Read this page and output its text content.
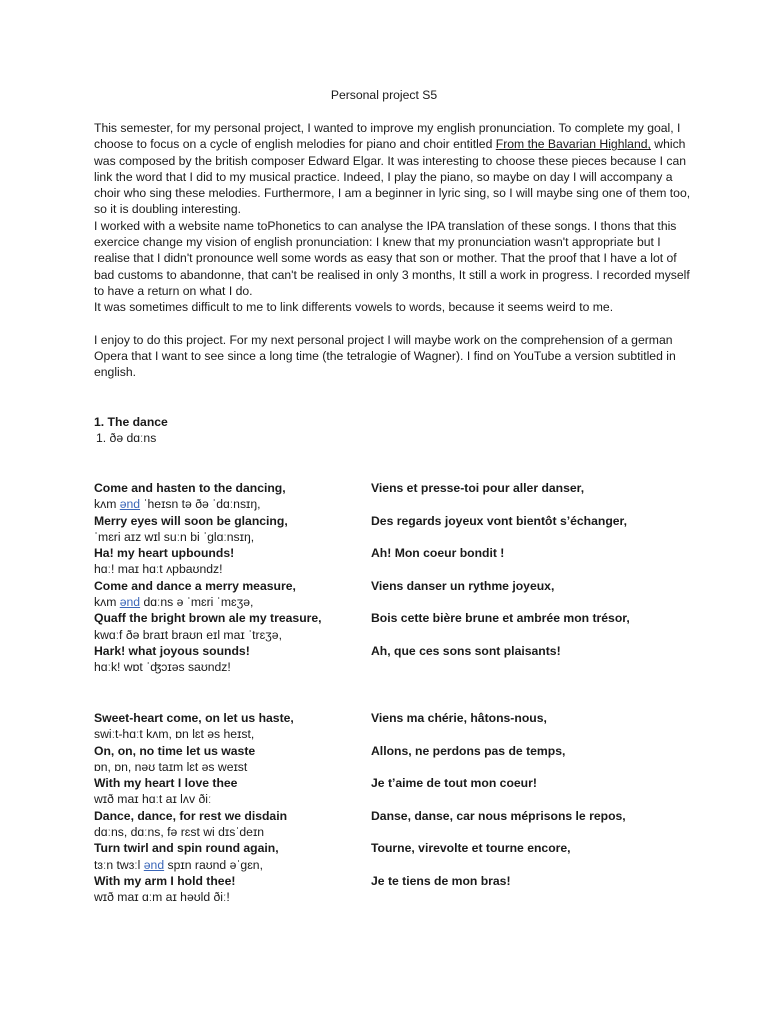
Personal project S5

This semester, for my personal project, I wanted to improve my english pronunciation. To complete my goal, I choose to focus on a cycle of english melodies for piano and choir entitled From the Bavarian Highland, which was composed by the british composer Edward Elgar. It was interesting to choose these pieces because I can link the word that I did to my musical practice. Indeed, I play the piano, so maybe on day I will accompany a choir who sing these melodies. Furthermore, I am a beginner in lyric sing, so I will maybe sing one of them too, so it is doubling interesting.

I worked with a website name toPhonetics to can analyse the IPA translation of these songs. I thons that this exercice change my vision of english pronunciation: I knew that my pronunciation wasn't appropriate but I realise that I didn't pronounce well some words as easy that son or mother. That the proof that I have a lot of bad customs to abandonne, that can't be realised in only 3 months, It still a work in progress. I recorded myself to have a return on what I do.

It was sometimes difficult to me to link differents vowels to words, because it seems weird to me.

I enjoy to do this project. For my next personal project I will maybe work on the comprehension of a german Opera that I want to see since a long time (the tetralogie of Wagner). I find on YouTube a version subtitled in english.

1. The dance
1. ðə dɑːns
Come and hasten to the dancing,	Viens et presse-toi pour aller danser,
kʌm ənd ˈheɪsn tə ðə ˈdɑːnsɪŋ,
Merry eyes will soon be glancing,	Des regards joyeux vont bientôt s’échanger,
ˈmɛri aɪz wɪl suːn bi ˈglɑːnsɪŋ,
Ha! my heart upbounds!	Ah! Mon coeur bondit !
hɑː! maɪ hɑːt ʌpbaʊndz!
Come and dance a merry measure,	Viens danser un rythme joyeux,
kʌm ənd dɑːns ə ˈmɛri ˈmɛʒə,
Quaff the bright brown ale my treasure,	Bois cette bière brune et ambrée mon trésor,
kwɑːf ðə braɪt braʊn eɪl maɪ ˈtrɛʒə,
Hark! what joyous sounds!	Ah, que ces sons sont plaisants!
hɑːk! wɒt ˈʤɔɪəs saʊndz!
Sweet-heart come, on let us haste,	Viens ma chérie, hâtons-nous,
swiːt-hɑːt kʌm, ɒn lɛt əs heɪst,
On, on, no time let us waste	Allons, ne perdons pas de temps,
ɒn, ɒn, nəʊ taɪm lɛt əs weɪst
With my heart I love thee	Je t’aime de tout mon coeur!
wɪð maɪ hɑːt aɪ lʌv ðiː
Dance, dance, for rest we disdain	Danse, danse, car nous méprisons le repos,
dɑːns, dɑːns, fə rɛst wi dɪsˈdeɪn
Turn twirl and spin round again,	Tourne, virevolte et tourne encore,
tɜːn twɜːl ənd spɪn raʊnd əˈgɛn,
With my arm I hold thee!	Je te tiens de mon bras!
wɪð maɪ ɑːm aɪ həʊld ðiː!
